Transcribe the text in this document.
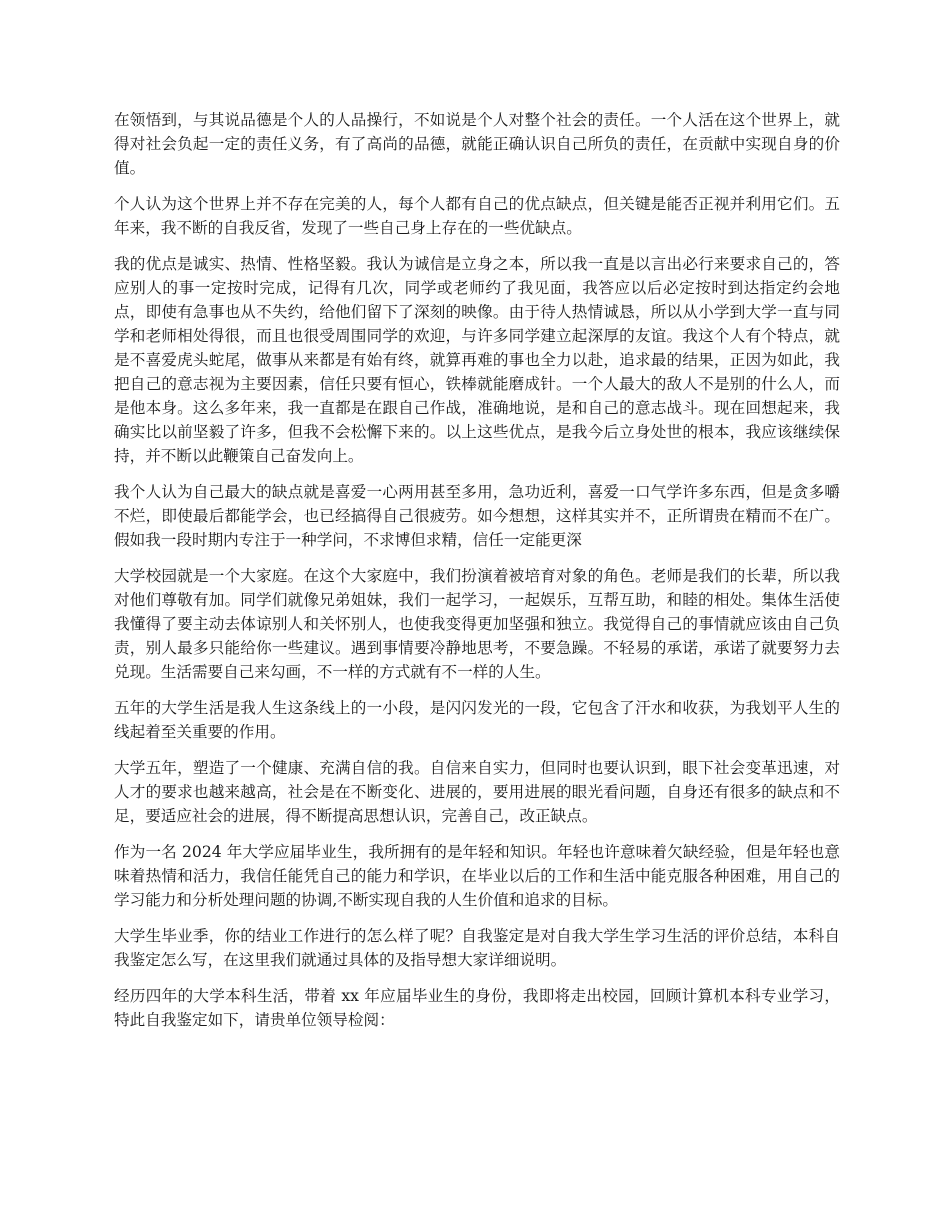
在领悟到，与其说品德是个人的人品操行，不如说是个人对整个社会的责任。一个人活在这个世界上，就得对社会负起一定的责任义务，有了高尚的品德，就能正确认识自己所负的责任，在贡献中实现自身的价值。

个人认为这个世界上并不存在完美的人，每个人都有自己的优点缺点，但关键是能否正视并利用它们。五年来，我不断的自我反省，发现了一些自己身上存在的一些优缺点。

我的优点是诚实、热情、性格坚毅。我认为诚信是立身之本，所以我一直是以言出必行来要求自己的，答应别人的事一定按时完成，记得有几次，同学或老师约了我见面，我答应以后必定按时到达指定约会地点，即使有急事也从不失约，给他们留下了深刻的映像。由于待人热情诚恳，所以从小学到大学一直与同学和老师相处得很，而且也很受周围同学的欢迎，与许多同学建立起深厚的友谊。我这个人有个特点，就是不喜爱虎头蛇尾，做事从来都是有始有终，就算再难的事也全力以赴，追求最的结果，正因为如此，我把自己的意志视为主要因素，信任只要有恒心，铁棒就能磨成针。一个人最大的敌人不是别的什么人，而是他本身。这么多年来，我一直都是在跟自己作战，准确地说，是和自己的意志战斗。现在回想起来，我确实比以前坚毅了许多，但我不会松懈下来的。以上这些优点，是我今后立身处世的根本，我应该继续保持，并不断以此鞭策自己奋发向上。

我个人认为自己最大的缺点就是喜爱一心两用甚至多用，急功近利，喜爱一口气学许多东西，但是贪多嚼不烂，即使最后都能学会，也已经搞得自己很疲劳。如今想想，这样其实并不，正所谓贵在精而不在广。假如我一段时期内专注于一种学问，不求博但求精，信任一定能更深

大学校园就是一个大家庭。在这个大家庭中，我们扮演着被培育对象的角色。老师是我们的长辈，所以我对他们尊敬有加。同学们就像兄弟姐妹，我们一起学习，一起娱乐，互帮互助，和睦的相处。集体生活使我懂得了要主动去体谅别人和关怀别人，也使我变得更加坚强和独立。我觉得自己的事情就应该由自己负责，别人最多只能给你一些建议。遇到事情要冷静地思考，不要急躁。不轻易的承诺，承诺了就要努力去兑现。生活需要自己来勾画，不一样的方式就有不一样的人生。

五年的大学生活是我人生这条线上的一小段，是闪闪发光的一段，它包含了汗水和收获，为我划平人生的线起着至关重要的作用。

大学五年，塑造了一个健康、充满自信的我。自信来自实力，但同时也要认识到，眼下社会变革迅速，对人才的要求也越来越高，社会是在不断变化、进展的，要用进展的眼光看问题，自身还有很多的缺点和不足，要适应社会的进展，得不断提高思想认识，完善自己，改正缺点。

作为一名 2024 年大学应届毕业生，我所拥有的是年轻和知识。年轻也许意味着欠缺经验，但是年轻也意味着热情和活力，我信任能凭自己的能力和学识，在毕业以后的工作和生活中能克服各种困难，用自己的学习能力和分析处理问题的协调,不断实现自我的人生价值和追求的目标。

大学生毕业季，你的结业工作进行的怎么样了呢？自我鉴定是对自我大学生学习生活的评价总结，本科自我鉴定怎么写，在这里我们就通过具体的及指导想大家详细说明。

经历四年的大学本科生活，带着 xx 年应届毕业生的身份，我即将走出校园，回顾计算机本科专业学习，特此自我鉴定如下，请贵单位领导检阅：
